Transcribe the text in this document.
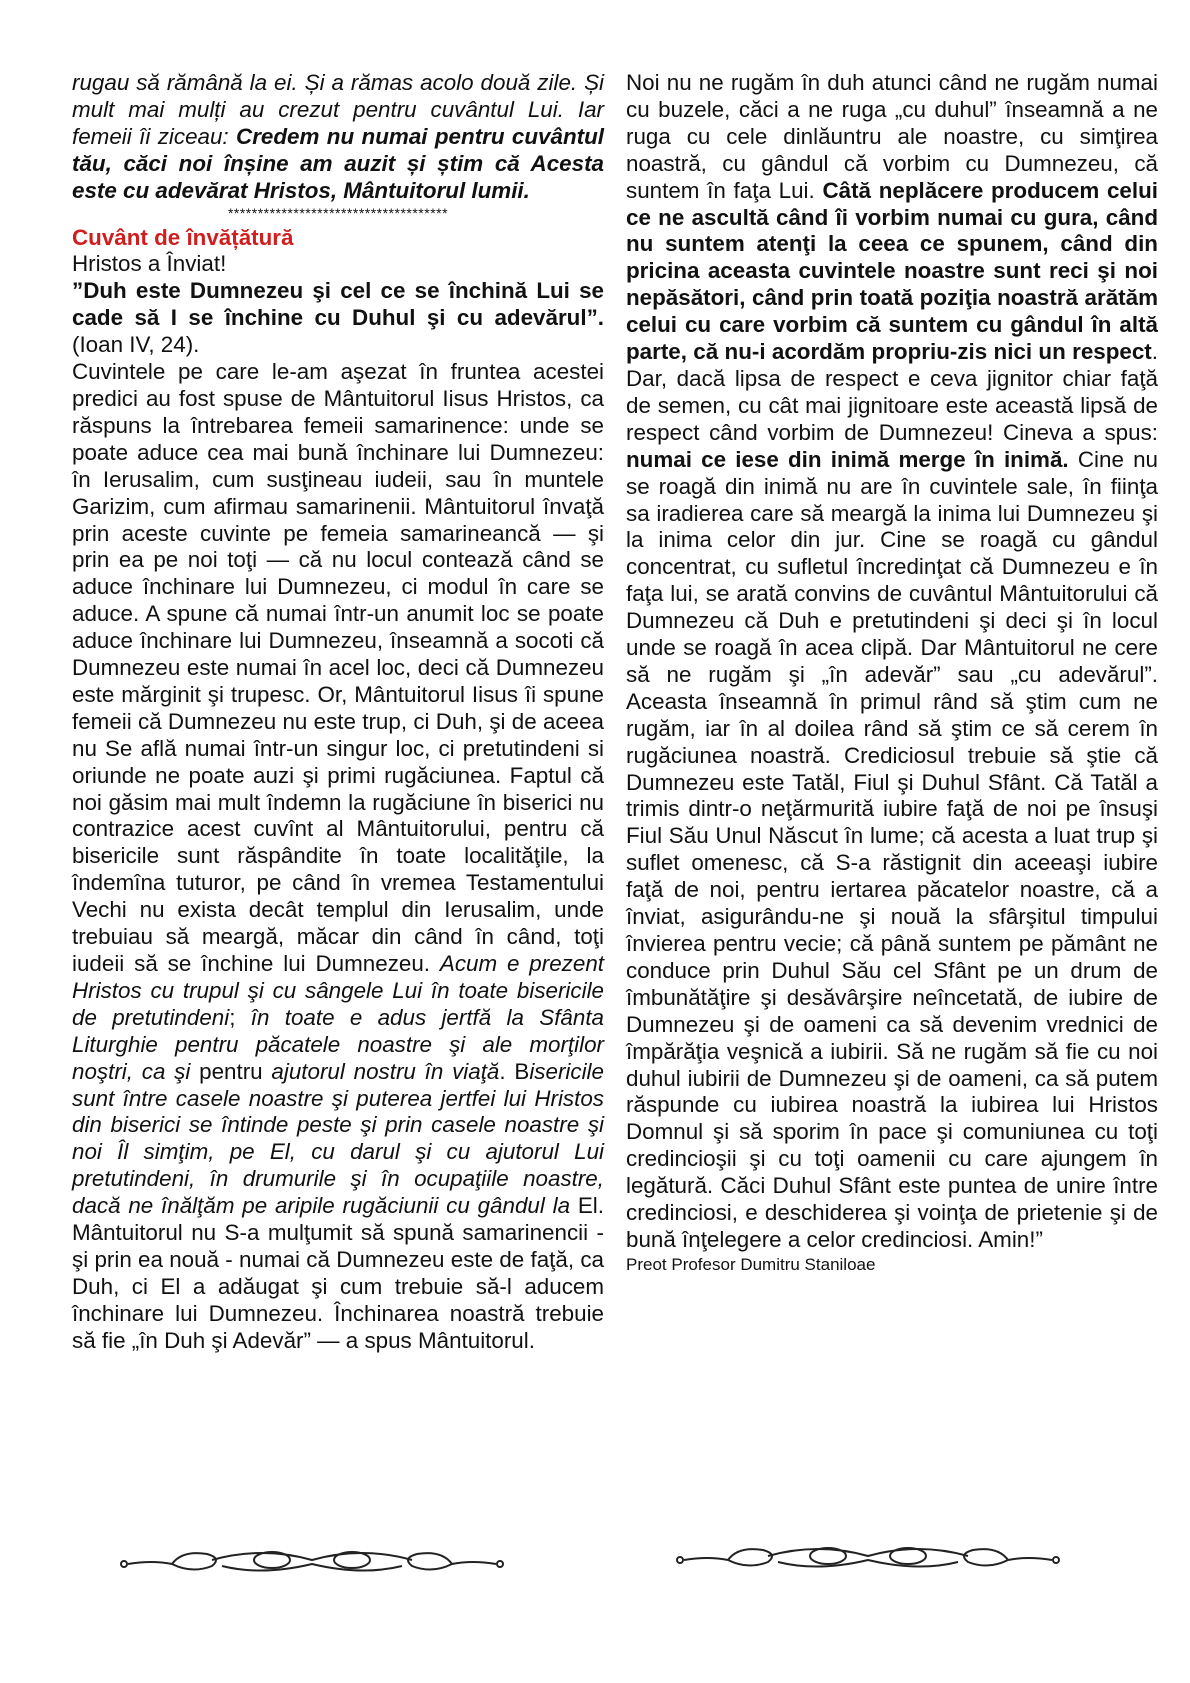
rugau să rămână la ei. Și a rămas acolo două zile. Și mult mai mulți au crezut pentru cuvântul Lui. Iar femeii îi ziceau: Credem nu numai pentru cuvântul tău, căci noi înșine am auzit și știm că Acesta este cu adevărat Hristos, Mântuitorul lumii.

*************************************

Cuvânt de învățătură

Hristos a Înviat!

”Duh este Dumnezeu şi cel ce se închină Lui se cade să I se închine cu Duhul şi cu adevărul”.(Ioan IV, 24).

Cuvintele pe care le-am aşezat în fruntea acestei predici au fost spuse de Mântuitorul Iisus Hristos, ca răspuns la întrebarea femeii samarinence: unde se poate aduce cea mai bună închinare lui Dumnezeu: în Ierusalim, cum susţineau iudeii, sau în muntele Garizim, cum afirmau samarinenii. Mântuitorul învaţă prin aceste cuvinte pe femeia samarineancă — şi prin ea pe noi toţi — că nu locul contează când se aduce închinare lui Dumnezeu, ci modul în care se aduce. A spune că numai într-un anumit loc se poate aduce închinare lui Dumnezeu, înseamnă a socoti că Dumnezeu este numai în acel loc, deci că Dumnezeu este mărginit şi trupesc. Or, Mântuitorul Iisus îi spune femeii că Dumnezeu nu este trup, ci Duh, şi de aceea nu Se află numai într-un singur loc, ci pretutindeni si oriunde ne poate auzi şi primi rugăciunea. Faptul că noi găsim mai mult îndemn la rugăciune în biserici nu contrazice acest cuvînt al Mântuitorului, pentru că bisericile sunt răspândite în toate localităţile, la îndemîna tuturor, pe când în vremea Testamentului Vechi nu exista decât templul din Ierusalim, unde trebuiau să meargă, măcar din când în când, toţi iudeii să se închine lui Dumnezeu. Acum e prezent Hristos cu trupul şi cu sângele Lui în toate bisericile de pretutindeni; în toate e adus jertfă la Sfânta Liturghie pentru păcatele noastre şi ale morţilor noştri, ca şi pentru ajutorul nostru în viaţă. Bisericile sunt între casele noastre şi puterea jertfei lui Hristos din biserici se întinde peste şi prin casele noastre şi noi Îl simţim, pe El, cu darul şi cu ajutorul Lui pretutindeni, în drumurile şi în ocupaţiile noastre, dacă ne înălţăm pe aripile rugăciunii cu gândul la El. Mântuitorul nu S-a mulţumit să spună samarinencii - şi prin ea nouă - numai că Dumnezeu este de faţă, ca Duh, ci El a adăugat şi cum trebuie să-l aducem închinare lui Dumnezeu. Închinarea noastră trebuie să fie „în Duh şi Adevăr” — a spus Mântuitorul.

Noi nu ne rugăm în duh atunci când ne rugăm numai cu buzele, căci a ne ruga „cu duhul” înseamnă a ne ruga cu cele dinlăuntru ale noastre, cu simţirea noastră, cu gândul că vorbim cu Dumnezeu, că suntem în faţa Lui. Câtă neplăcere producem celui ce ne ascultă când îi vorbim numai cu gura, când nu suntem atenţi la ceea ce spunem, când din pricina aceasta cuvintele noastre sunt reci şi noi nepăsători, când prin toată poziţia noastră arătăm celui cu care vorbim că suntem cu gândul în altă parte, că nu-i acordăm propriu-zis nici un respect. Dar, dacă lipsa de respect e ceva jignitor chiar faţă de semen, cu cât mai jignitoare este această lipsă de respect când vorbim de Dumnezeu! Cineva a spus: numai ce iese din inimă merge în inimă. Cine nu se roagă din inimă nu are în cuvintele sale, în fiinţa sa iradierea care să meargă la inima lui Dumnezeu şi la inima celor din jur. Cine se roagă cu gândul concentrat, cu sufletul încredinţat că Dumnezeu e în faţa lui, se arată convins de cuvântul Mântuitorului că Dumnezeu că Duh e pretutindeni şi deci şi în locul unde se roagă în acea clipă. Dar Mântuitorul ne cere să ne rugăm şi „în adevăr” sau „cu adevărul”. Aceasta înseamnă în primul rând să ştim cum ne rugăm, iar în al doilea rând să ştim ce să cerem în rugăciunea noastră. Crediciosul trebuie să ştie că Dumnezeu este Tatăl, Fiul şi Duhul Sfânt. Că Tatăl a trimis dintr-o neţărmurită iubire faţă de noi pe însuşi Fiul Său Unul Născut în lume; că acesta a luat trup şi suflet omenesc, că S-a răstignit din aceeaşi iubire faţă de noi, pentru iertarea păcatelor noastre, că a înviat, asigurându-ne şi nouă la sfârşitul timpului învierea pentru vecie; că până suntem pe pământ ne conduce prin Duhul Său cel Sfânt pe un drum de îmbunătăţire şi desăvârşire neîncetată, de iubire de Dumnezeu şi de oameni ca să devenim vrednici de împărăţia veşnică a iubirii. Să ne rugăm să fie cu noi duhul iubirii de Dumnezeu şi de oameni, ca să putem răspunde cu iubirea noastră la iubirea lui Hristos Domnul şi să sporim în pace şi comuniunea cu toţi credincioşii şi cu toţi oamenii cu care ajungem în legătură. Căci Duhul Sfânt este puntea de unire între credinciosi, e deschiderea şi voinţa de prietenie şi de bună înţelegere a celor credinciosi. Amin!”

Preot Profesor Dumitru Staniloae
